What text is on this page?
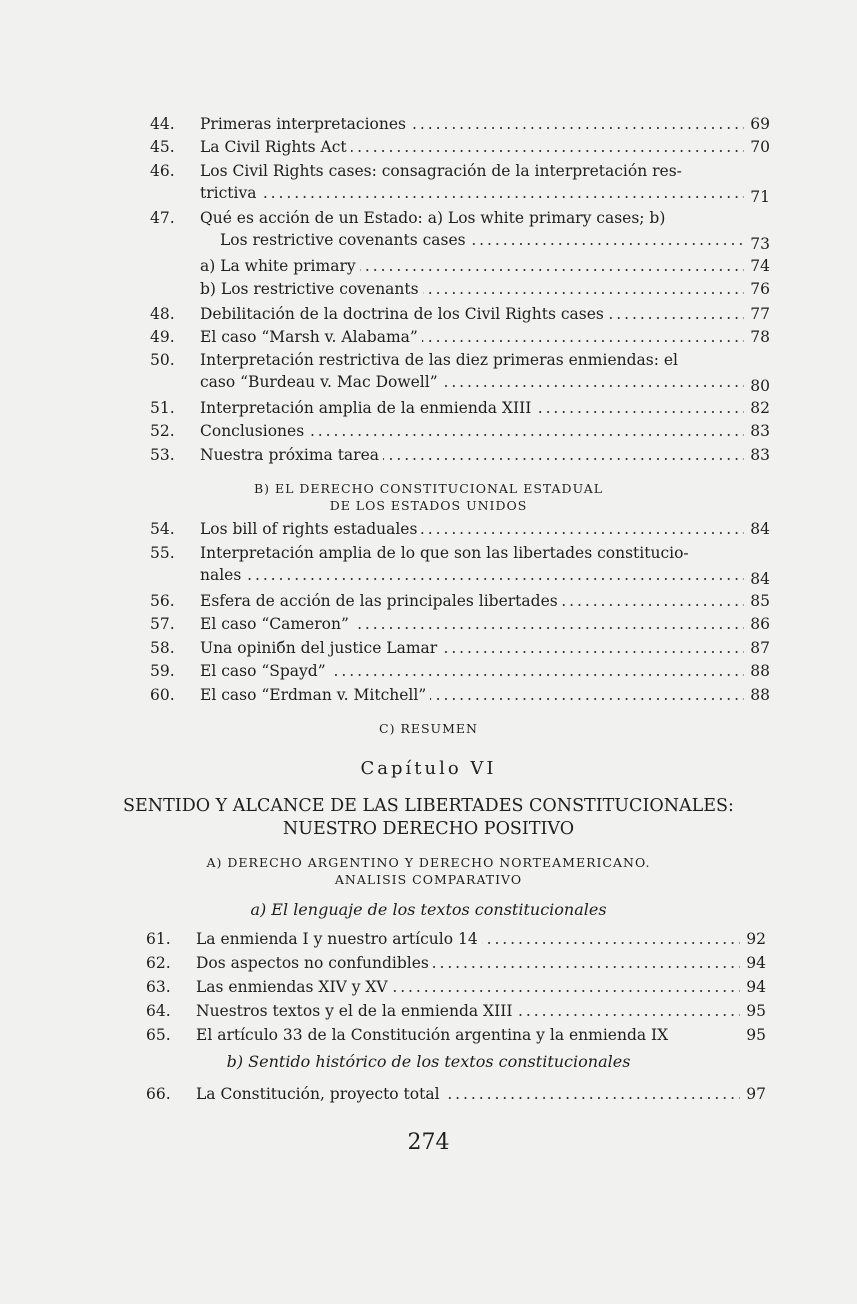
44.	Primeras interpretaciones . . .	69
45.	La Civil Rights Act . . .	70
46.	Los Civil Rights cases: consagración de la interpretación res-
trictiva . . .	71
47.	Qué es acción de un Estado: a) Los white primary cases; b)
Los restrictive covenants cases . . .	73
a) La white primary . . .	74
b) Los restrictive covenants . . .	76
48.	Debilitación de la doctrina de los Civil Rights cases . . .	77
49.	El caso “Marsh v. Alabama” . . .	78
50.	Interpretación restrictiva de las diez primeras enmiendas: el
caso “Burdeau v. Mac Dowell” . . .	80
51.	Interpretación amplia de la enmienda XIII . . .	82
52.	Conclusiones . . .	83
53.	Nuestra próxima tarea . . .	83
B) EL DERECHO CONSTITUCIONAL ESTADUAL
DE LOS ESTADOS UNIDOS
54.	Los bill of rights estaduales . . .	84
55.	Interpretación amplia de lo que son las libertades constitucio-
nales . . .	84
56.	Esfera de acción de las principales libertades . . .	85
57.	El caso “Cameron” . . .	86
58.	Una opiniбn del justice Lamar . . .	87
59.	El caso “Spayd” . . .	88
60.	El caso “Erdman v. Mitchell” . . .	88
C) RESUMEN
Capítulo VI
SENTIDO Y ALCANCE DE LAS LIBERTADES CONSTITUCIONALES:
NUESTRO DERECHO POSITIVO
A) DERECHO ARGENTINO Y DERECHO NORTEAMERICANO.
ANALISIS COMPARATIVO
a) El lenguaje de los textos constitucionales
61.	La enmienda I y nuestro artículo 14 . . .	92
62.	Dos aspectos no confundibles . . .	94
63.	Las enmiendas XIV y XV . . .	94
64.	Nuestros textos y el de la enmienda XIII . . .	95
65.	El artículo 33 de la Constitución argentina y la enmienda IX	95
b) Sentido histórico de los textos constitucionales
66.	La Constitución, proyecto total . . .	97
274
